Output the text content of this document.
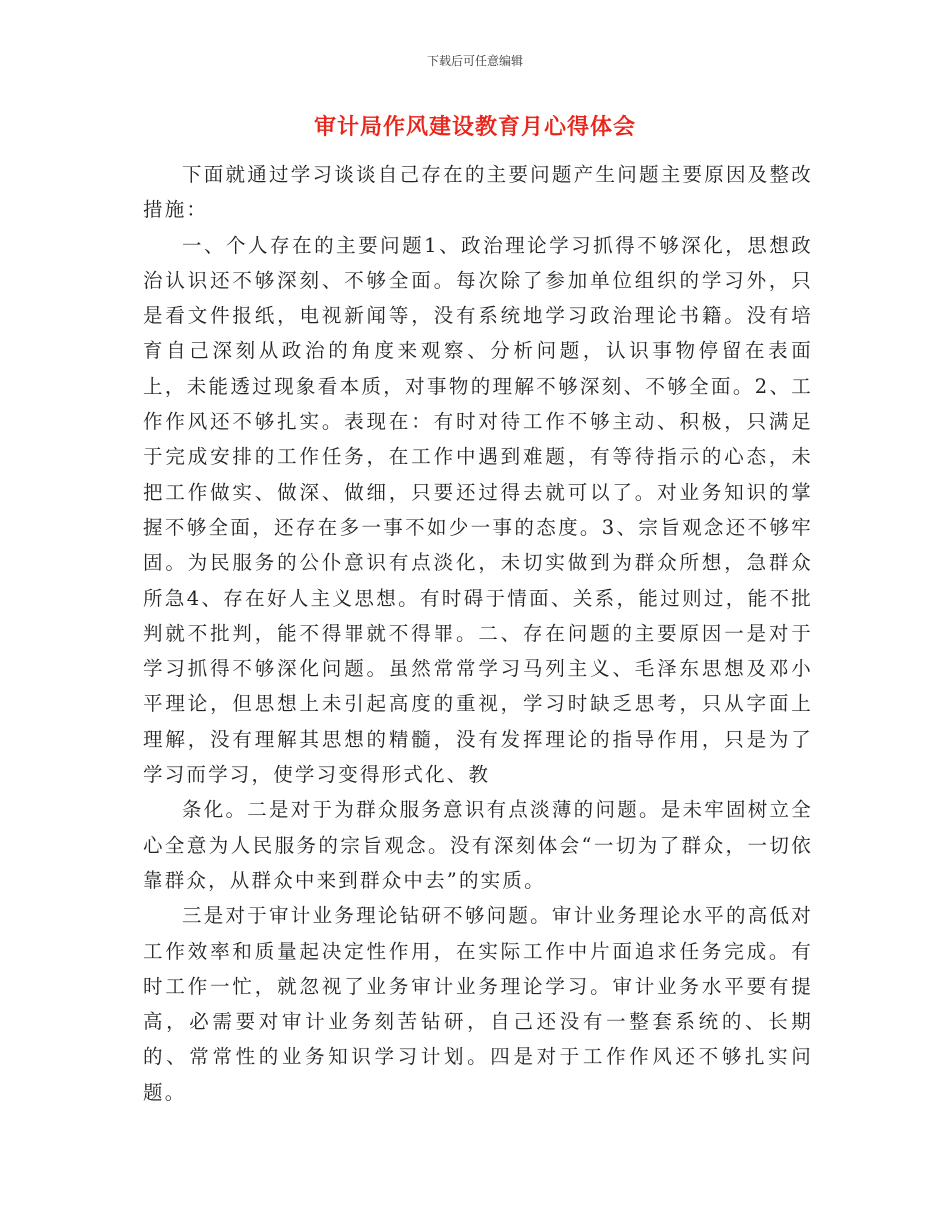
下载后可任意编辑
审计局作风建设教育月心得体会

下面就通过学习谈谈自己存在的主要问题产生问题主要原因及整改措施：

一、个人存在的主要问题1、政治理论学习抓得不够深化，思想政治认识还不够深刻、不够全面。每次除了参加单位组织的学习外，只是看文件报纸，电视新闻等，没有系统地学习政治理论书籍。没有培育自己深刻从政治的角度来观察、分析问题，认识事物停留在表面上，未能透过现象看本质，对事物的理解不够深刻、不够全面。2、工作作风还不够扎实。表现在：有时对待工作不够主动、积极，只满足于完成安排的工作任务，在工作中遇到难题，有等待指示的心态，未把工作做实、做深、做细，只要还过得去就可以了。对业务知识的掌握不够全面，还存在多一事不如少一事的态度。3、宗旨观念还不够牢固。为民服务的公仆意识有点淡化，未切实做到为群众所想，急群众所急4、存在好人主义思想。有时碍于情面、关系，能过则过，能不批判就不批判，能不得罪就不得罪。二、存在问题的主要原因一是对于学习抓得不够深化问题。虽然常常学习马列主义、毛泽东思想及邓小平理论，但思想上未引起高度的重视，学习时缺乏思考，只从字面上理解，没有理解其思想的精髓，没有发挥理论的指导作用，只是为了学习而学习，使学习变得形式化、教

条化。二是对于为群众服务意识有点淡薄的问题。是未牢固树立全心全意为人民服务的宗旨观念。没有深刻体会“一切为了群众，一切依靠群众，从群众中来到群众中去”的实质。

三是对于审计业务理论钻研不够问题。审计业务理论水平的高低对工作效率和质量起决定性作用，在实际工作中片面追求任务完成。有时工作一忙，就忽视了业务审计业务理论学习。审计业务水平要有提高，必需要对审计业务刻苦钻研，自己还没有一整套系统的、长期的、常常性的业务知识学习计划。四是对于工作作风还不够扎实问题。
